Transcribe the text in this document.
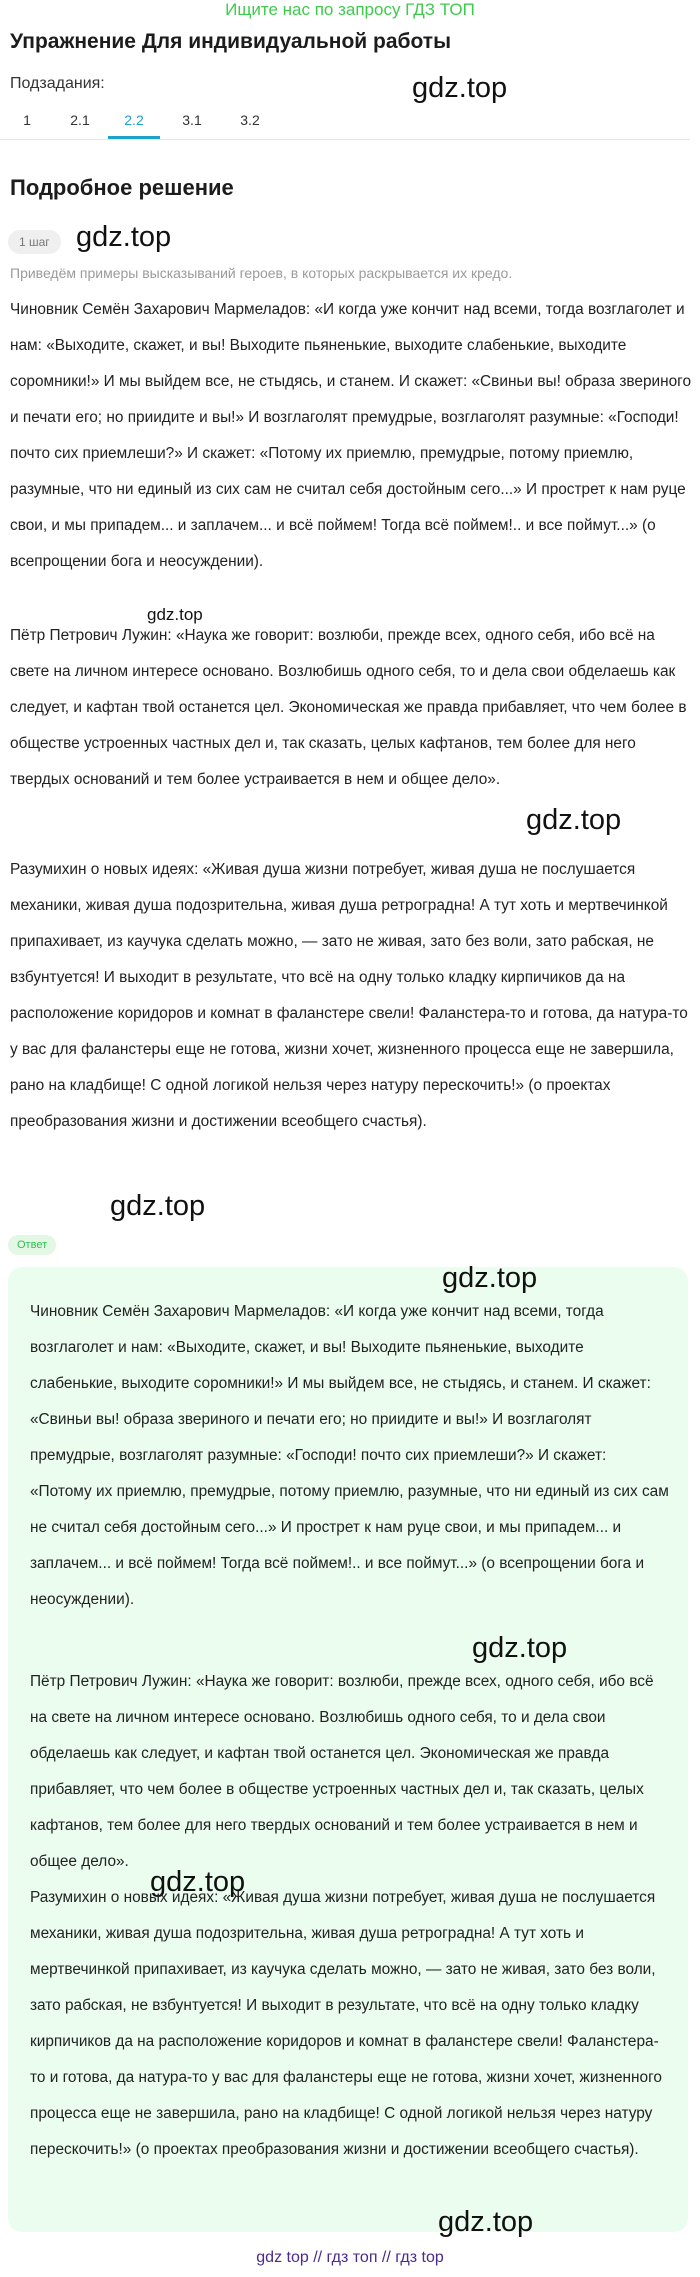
Ищите нас по запросу ГДЗ ТОП
Упражнение Для индивидуальной работы
Подзадания:
1	2.1	2.2	3.1	3.2
gdz.top
Подробное решение
1 шаг gdz.top

Приведём примеры высказываний героев, в которых раскрывается их кредо.

Чиновник Семён Захарович Мармеладов: «И когда уже кончит над всеми, тогда возглаголет и нам: «Выходите, скажет, и вы! Выходите пьяненькие, выходите слабенькие, выходите соромники!» И мы выйдем все, не стыдясь, и станем. И скажет: «Свиньи вы! образа звериного и печати его; но приидите и вы!» И возглаголят премудрые, возглаголят разумные: «Господи! почто сих приемлеши?» И скажет: «Потому их приемлю, премудрые, потому приемлю, разумные, что ни единый из сих сам не считал себя достойным сего...» И прострет к нам руце свои, и мы припадем... и заплачем... и всё поймем! Тогда всё поймем!.. и все поймут...» (о всепрощении бога и неосуждении).

gdz.top

Пётр Петрович Лужин: «Наука же говорит: возлюби, прежде всех, одного себя, ибо всё на свете на личном интересе основано. Возлюбишь одного себя, то и дела свои обделаешь как следует, и кафтан твой останется цел. Экономическая же правда прибавляет, что чем более в обществе устроенных частных дел и, так сказать, целых кафтанов, тем более для него твердых оснований и тем более устраивается в нем и общее дело».

gdz.top

Разумихин о новых идеях: «Живая душа жизни потребует, живая душа не послушается механики, живая душа подозрительна, живая душа ретроградна! А тут хоть и мертвечинкой припахивает, из каучука сделать можно, — зато не живая, зато без воли, зато рабская, не взбунтуется! И выходит в результате, что всё на одну только кладку кирпичиков да на расположение коридоров и комнат в фаланстере свели! Фаланстера-то и готова, да натура-то у вас для фаланстеры еще не готова, жизни хочет, жизненного процесса еще не завершила, рано на кладбище! С одной логикой нельзя через натуру перескочить!» (о проектах преобразования жизни и достижении всеобщего счастья).

gdz.top
Ответ
gdz.top

Чиновник Семён Захарович Мармеладов: «И когда уже кончит над всеми, тогда возглаголет и нам: «Выходите, скажет, и вы! Выходите пьяненькие, выходите слабенькие, выходите соромники!» И мы выйдем все, не стыдясь, и станем. И скажет: «Свиньи вы! образа звериного и печати его; но приидите и вы!» И возглаголят премудрые, возглаголят разумные: «Господи! почто сих приемлеши?» И скажет: «Потому их приемлю, премудрые, потому приемлю, разумные, что ни единый из сих сам не считал себя достойным сего...» И прострет к нам руце свои, и мы припадем... и заплачем... и всё поймем! Тогда всё поймем!.. и все поймут...» (о всепрощении бога и неосуждении).

gdz.top

Пётр Петрович Лужин: «Наука же говорит: возлюби, прежде всех, одного себя, ибо всё на свете на личном интересе основано. Возлюбишь одного себя, то и дела свои обделаешь как следует, и кафтан твой останется цел. Экономическая же правда прибавляет, что чем более в обществе устроенных частных дел и, так сказать, целых кафтанов, тем более для него твердых оснований и тем более устраивается в нем и общее дело».

gdz.top

Разумихин о новых идеях: «Живая душа жизни потребует, живая душа не послушается механики, живая душа подозрительна, живая душа ретроградна! А тут хоть и мертвечинкой припахивает, из каучука сделать можно, — зато не живая, зато без воли, зато рабская, не взбунтуется! И выходит в результате, что всё на одну только кладку кирпичиков да на расположение коридоров и комнат в фаланстере свели! Фаланстера-то и готова, да натура-то у вас для фаланстеры еще не готова, жизни хочет, жизненного процесса еще не завершила, рано на кладбище! С одной логикой нельзя через натуру перескочить!» (о проектах преобразования жизни и достижении всеобщего счастья).

gdz.top
gdz top // гдз топ // гдз top
